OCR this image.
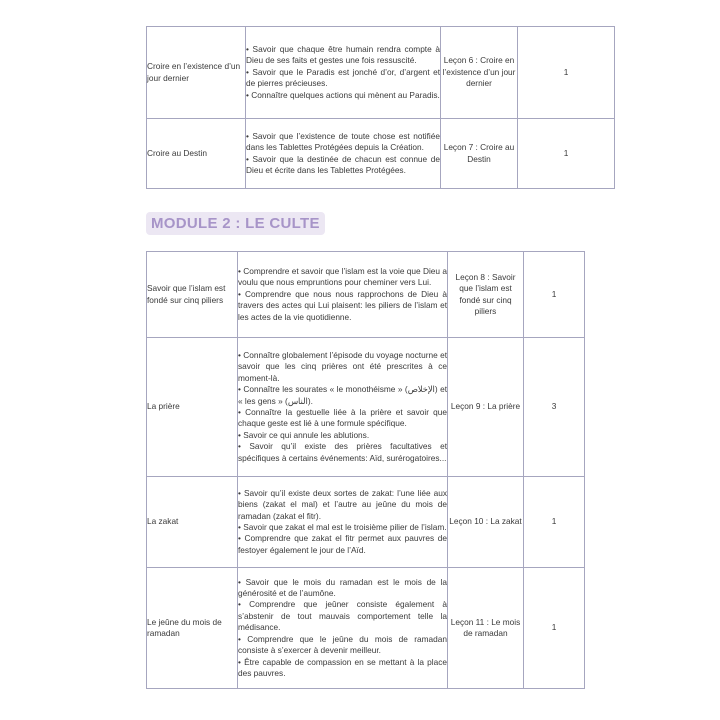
Croire en l’existence d’un jour dernier	• Savoir que chaque être humain rendra compte à Dieu de ses faits et gestes une fois ressuscité.

• Savoir que le Paradis est jonché d’or, d’argent et de pierres précieuses.

• Connaître quelques actions qui mènent au Paradis.	Leçon 6 : Croire en l’existence d’un jour dernier	1
Croire au Destin	• Savoir que l’existence de toute chose est notifiée dans les Tablettes Protégées depuis la Création.

• Savoir que la destinée de chacun est connue de Dieu et écrite dans les Tablettes Protégées.	Leçon 7 : Croire au Destin	1
MODULE 2 : LE CULTE
Savoir que l’islam est fondé sur cinq piliers	• Comprendre et savoir que l’islam est la voie que Dieu a voulu que nous empruntions pour cheminer vers Lui.

• Comprendre que nous nous rapprochons de Dieu à travers des actes qui Lui plaisent: les piliers de l’islam et les actes de la vie quotidienne.	Leçon 8 : Savoir que l’islam est fondé sur cinq piliers	1
La prière	• Connaître globalement l’épisode du voyage nocturne et savoir que les cinq prières ont été prescrites à ce moment-là.

• Connaître les sourates « le monothéisme » (الإخلاص) et « les gens » (الناس).

• Connaître la gestuelle liée à la prière et savoir que chaque geste est lié à une formule spécifique.

• Savoir ce qui annule les ablutions.

• Savoir qu’il existe des prières facultatives et spécifiques à certains événements: Aïd, surérogatoires...	Leçon 9 : La prière	3
La zakat	• Savoir qu’il existe deux sortes de zakat: l’une liée aux biens (zakat el mal) et l’autre au jeûne du mois de ramadan (zakat el fitr).

• Savoir que zakat el mal est le troisième pilier de l’islam.

• Comprendre que zakat el fitr permet aux pauvres de festoyer également le jour de l’Aïd.	Leçon 10 : La zakat	1
Le jeûne du mois de ramadan	• Savoir que le mois du ramadan est le mois de la générosité et de l’aumône.

• Comprendre que jeûner consiste également à s’abstenir de tout mauvais comportement telle la médisance.

• Comprendre que le jeûne du mois de ramadan consiste à s’exercer à devenir meilleur.

• Être capable de compassion en se mettant à la place des pauvres.	Leçon 11 : Le mois de ramadan	1
